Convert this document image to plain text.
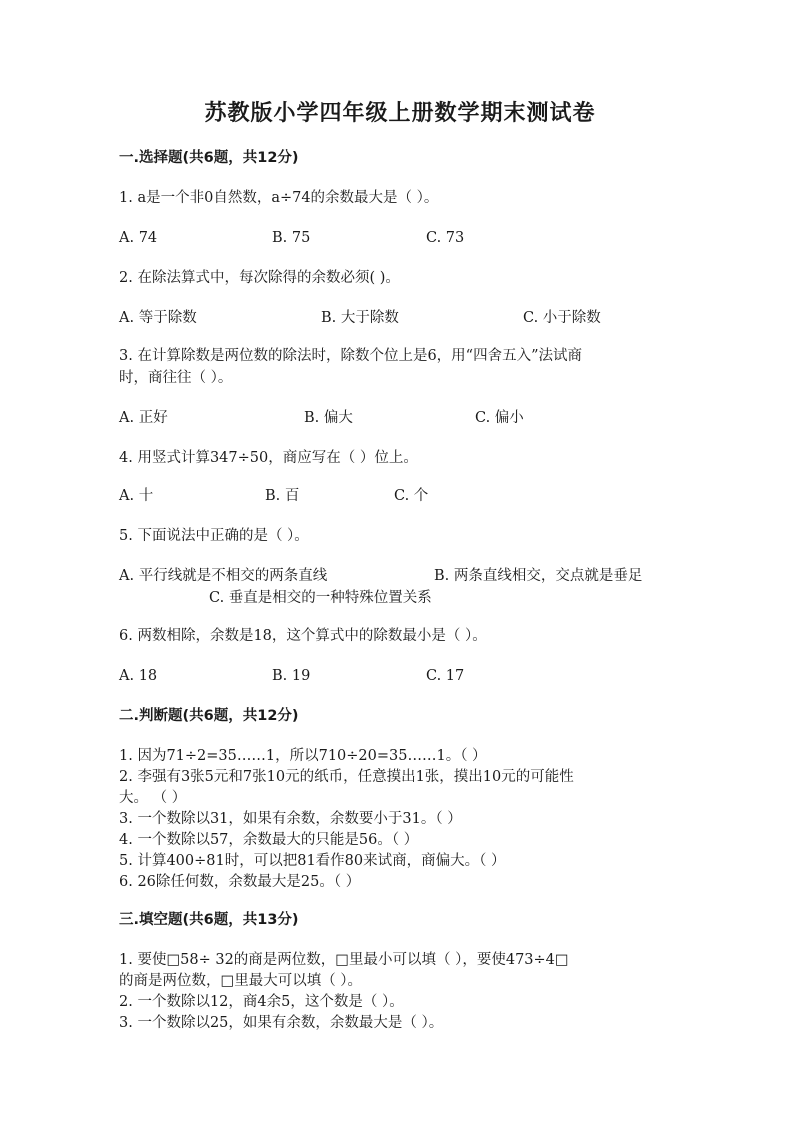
苏教版小学四年级上册数学期末测试卷
一.选择题(共6题，共12分)
1. a是一个非0自然数，a÷74的余数最大是（ ）。
A. 74	B. 75	C. 73
2. 在除法算式中，每次除得的余数必须( )。
A. 等于除数	B. 大于除数	C. 小于除数
3. 在计算除数是两位数的除法时，除数个位上是6，用“四舍五入”法试商
时，商往往（ ）。
A. 正好	B. 偏大	C. 偏小
4. 用竖式计算347÷50，商应写在（ ）位上。
A. 十	B. 百	C. 个
5. 下面说法中正确的是（ ）。
A. 平行线就是不相交的两条直线	B. 两条直线相交，交点就是垂足
C. 垂直是相交的一种特殊位置关系
6. 两数相除，余数是18，这个算式中的除数最小是（ ）。
A. 18	B. 19	C. 17
二.判断题(共6题，共12分)
1. 因为71÷2=35……1，所以710÷20=35……1。（ ）
2. 李强有3张5元和7张10元的纸币，任意摸出1张，摸出10元的可能性
大。 （ ）
3. 一个数除以31，如果有余数，余数要小于31。（ ）
4. 一个数除以57，余数最大的只能是56。（ ）
5. 计算400÷81时，可以把81看作80来试商，商偏大。（ ）
6. 26除任何数，余数最大是25。（ ）
三.填空题(共6题，共13分)
1. 要使□58÷ 32的商是两位数，□里最小可以填（ ），要使473÷4□
的商是两位数，□里最大可以填（ ）。
2. 一个数除以12，商4余5，这个数是（ ）。
3. 一个数除以25，如果有余数，余数最大是（ ）。
